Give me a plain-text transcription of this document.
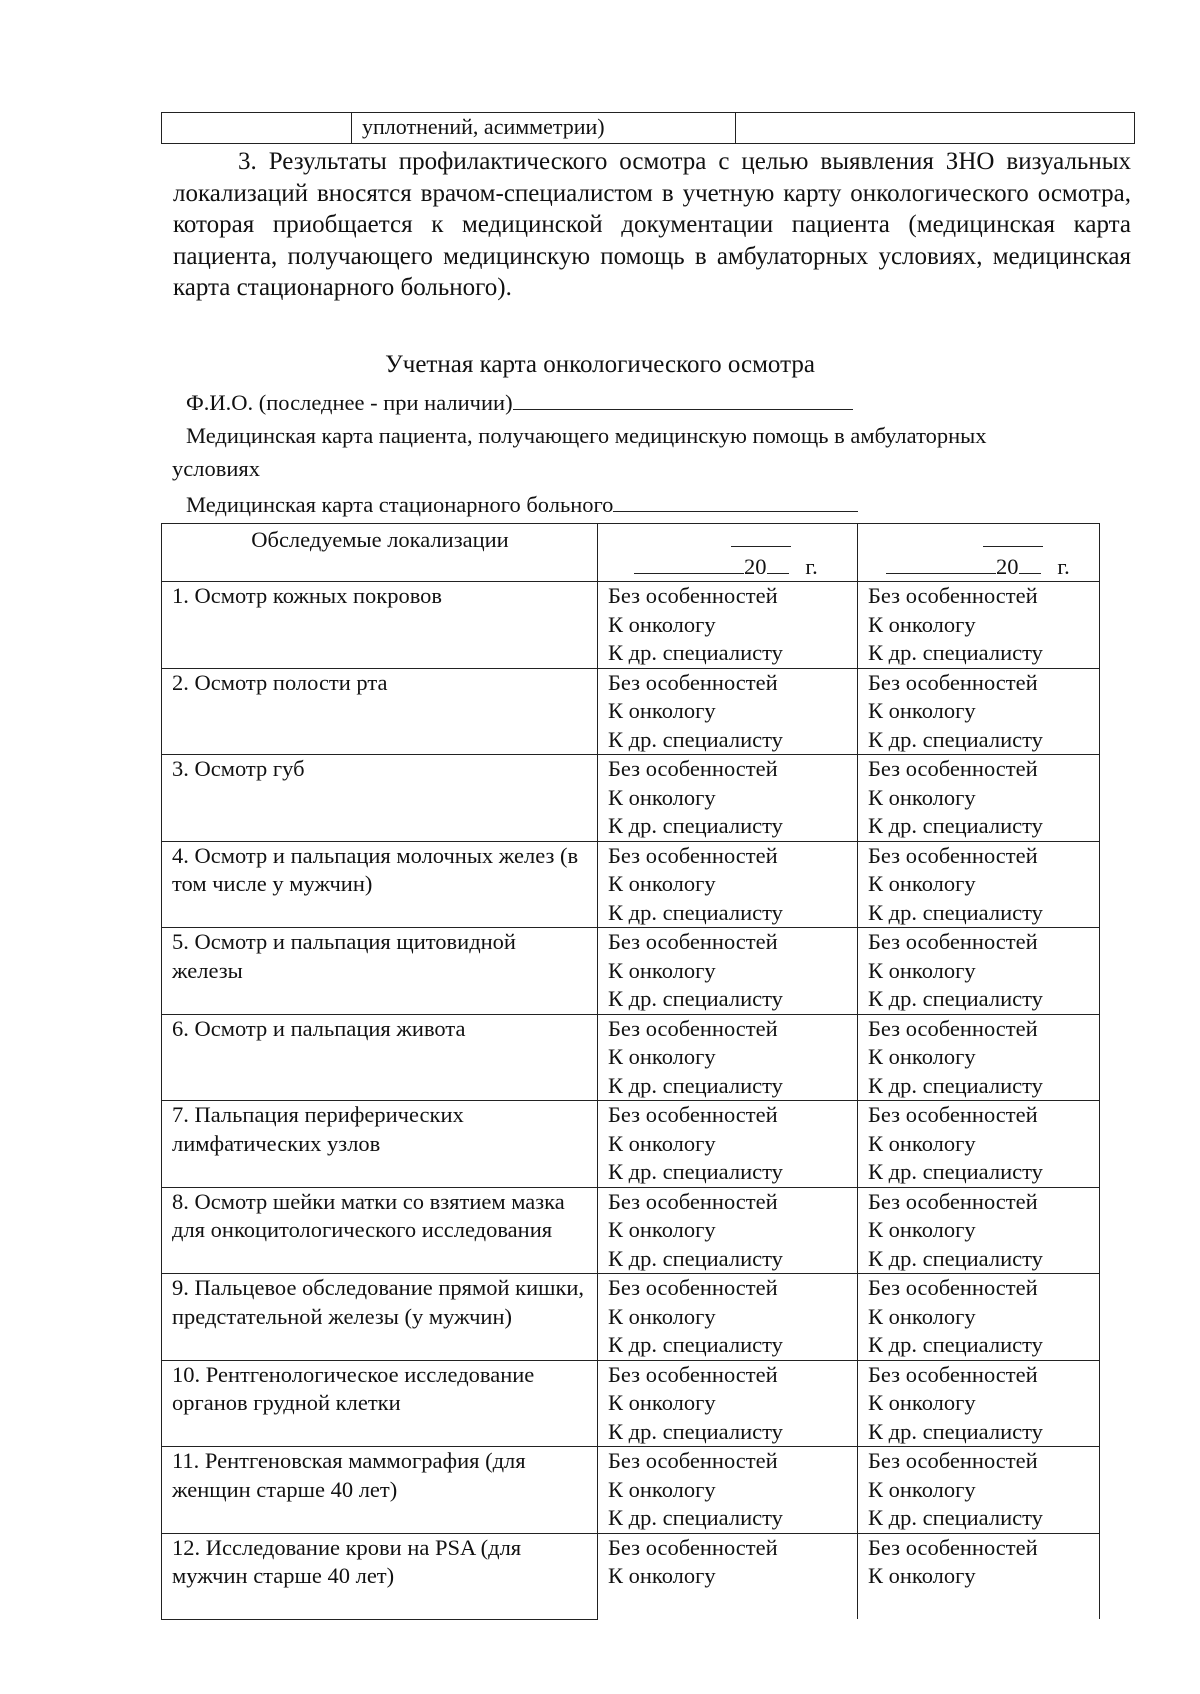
	уплотнений, асимметрии)	

3. Результаты профилактического осмотра с целью выявления ЗНО визуальных локализаций вносятся врачом-специалистом в учетную карту онкологического осмотра, которая приобщается к медицинской документации пациента (медицинская карта пациента, получающего медицинскую помощь в амбулаторных условиях, медицинская карта стационарного больного).

Учетная карта онкологического осмотра
Ф.И.О. (последнее - при наличии)
Медицинская карта пациента, получающего медицинскую помощь в амбулаторных
условиях
Медицинская карта стационарного больного
Обследуемые локализации	20 г.	20 г.

1. Осмотр кожных покровов	Без особенностей
К онкологу
К др. специалисту	Без особенностей
К онкологу
К др. специалисту

2. Осмотр полости рта	Без особенностей
К онкологу
К др. специалисту	Без особенностей
К онкологу
К др. специалисту

3. Осмотр губ	Без особенностей
К онкологу
К др. специалисту	Без особенностей
К онкологу
К др. специалисту

4. Осмотр и пальпация молочных желез (в том числе у мужчин)	Без особенностей
К онкологу
К др. специалисту	Без особенностей
К онкологу
К др. специалисту

5. Осмотр и пальпация щитовидной железы	Без особенностей
К онкологу
К др. специалисту	Без особенностей
К онкологу
К др. специалисту

6. Осмотр и пальпация живота	Без особенностей
К онкологу
К др. специалисту	Без особенностей
К онкологу
К др. специалисту

7. Пальпация периферических лимфатических узлов	Без особенностей
К онкологу
К др. специалисту	Без особенностей
К онкологу
К др. специалисту

8. Осмотр шейки матки со взятием мазка для онкоцитологического исследования	Без особенностей
К онкологу
К др. специалисту	Без особенностей
К онкологу
К др. специалисту

9. Пальцевое обследование прямой кишки, предстательной железы (у мужчин)	Без особенностей
К онкологу
К др. специалисту	Без особенностей
К онкологу
К др. специалисту

10. Рентгенологическое исследование органов грудной клетки	Без особенностей
К онкологу
К др. специалисту	Без особенностей
К онкологу
К др. специалисту

11. Рентгеновская маммография (для женщин старше 40 лет)	Без особенностей
К онкологу
К др. специалисту	Без особенностей
К онкологу
К др. специалисту

12. Исследование крови на PSA (для мужчин старше 40 лет)	Без особенностей
К онкологу	Без особенностей
К онкологу
